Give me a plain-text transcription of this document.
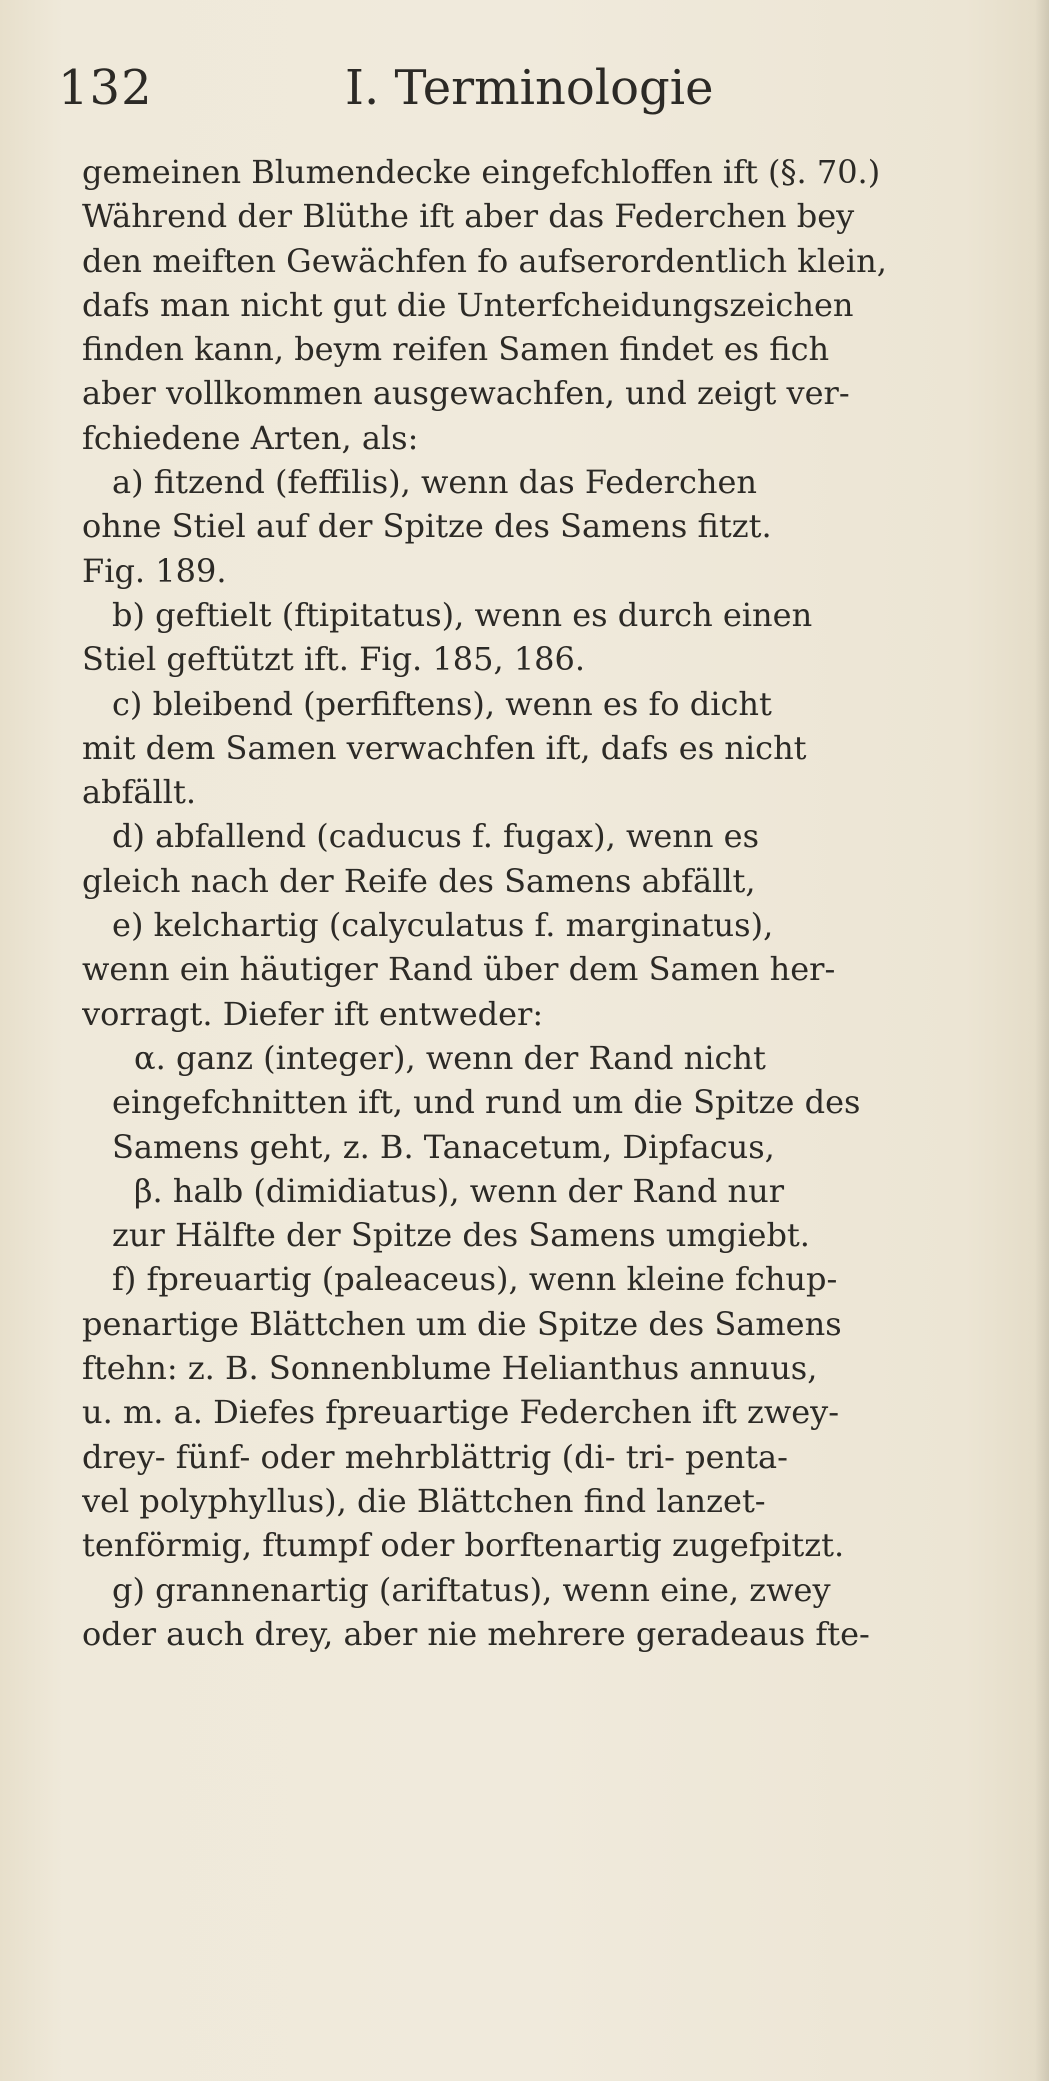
132	I. Terminologie
gemeinen Blumendecke eingefchloffen ift (§. 70.)
Während der Blüthe ift aber das Federchen bey
den meiften Gewächfen fo aufserordentlich klein,
dafs man nicht gut die Unterfcheidungszeichen
finden kann, beym reifen Samen findet es fich
aber vollkommen ausgewachfen, und zeigt ver-
fchiedene Arten, als:
a) fitzend (feffilis), wenn das Federchen
ohne Stiel auf der Spitze des Samens fitzt.
Fig. 189.
b) geftielt (ftipitatus), wenn es durch einen
Stiel geftützt ift. Fig. 185, 186.
c) bleibend (perfiftens), wenn es fo dicht
mit dem Samen verwachfen ift, dafs es nicht
abfällt.
d) abfallend (caducus f. fugax), wenn es
gleich nach der Reife des Samens abfällt,
e) kelchartig (calyculatus f. marginatus),
wenn ein häutiger Rand über dem Samen her-
vorragt. Diefer ift entweder:
α. ganz (integer), wenn der Rand nicht
eingefchnitten ift, und rund um die Spitze des
Samens geht, z. B. Tanacetum, Dipfacus,
β. halb (dimidiatus), wenn der Rand nur
zur Hälfte der Spitze des Samens umgiebt.
f) fpreuartig (paleaceus), wenn kleine fchup-
penartige Blättchen um die Spitze des Samens
ftehn: z. B. Sonnenblume Helianthus annuus,
u. m. a. Diefes fpreuartige Federchen ift zwey-
drey- fünf- oder mehrblättrig (di- tri- penta-
vel polyphyllus), die Blättchen find lanzet-
tenförmig, ftumpf oder borftenartig zugefpitzt.
g) grannenartig (ariftatus), wenn eine, zwey
oder auch drey, aber nie mehrere geradeaus fte-
